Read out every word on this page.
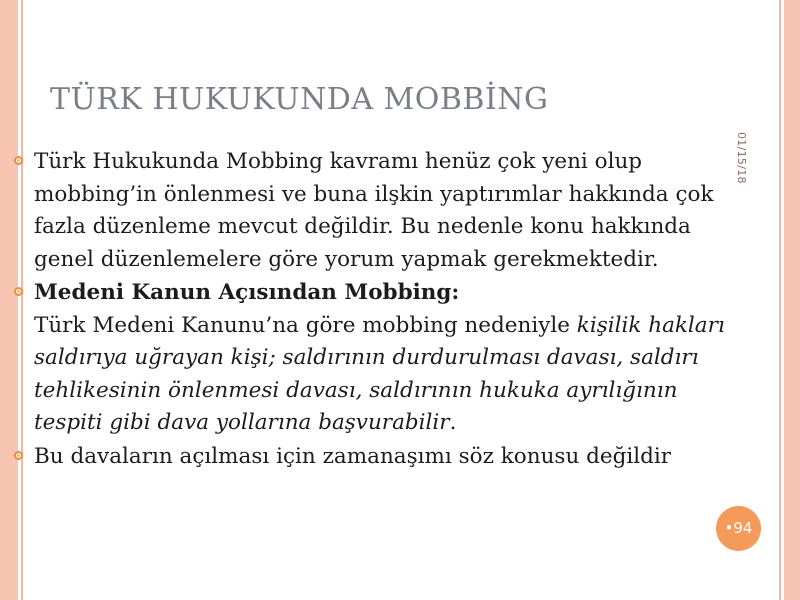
TÜRK HUKUKUNDA MOBBİNG
01/15/18
Türk Hukukunda Mobbing kavramı henüz çok yeni olup mobbing’in önlenmesi ve buna ilşkin yaptırımlar hakkında çok fazla düzenleme mevcut değildir. Bu nedenle konu hakkında genel düzenlemelere göre yorum yapmak gerekmektedir.
Medeni Kanun Açısından Mobbing:
Türk Medeni Kanunu’na göre mobbing nedeniyle kişilik hakları saldırıya uğrayan kişi; saldırının durdurulması davası, saldırı tehlikesinin önlenmesi davası, saldırının hukuka ayrılığının tespiti gibi dava yollarına başvurabilir.
Bu davaların açılması için zamanaşımı söz konusu değildir
•94
